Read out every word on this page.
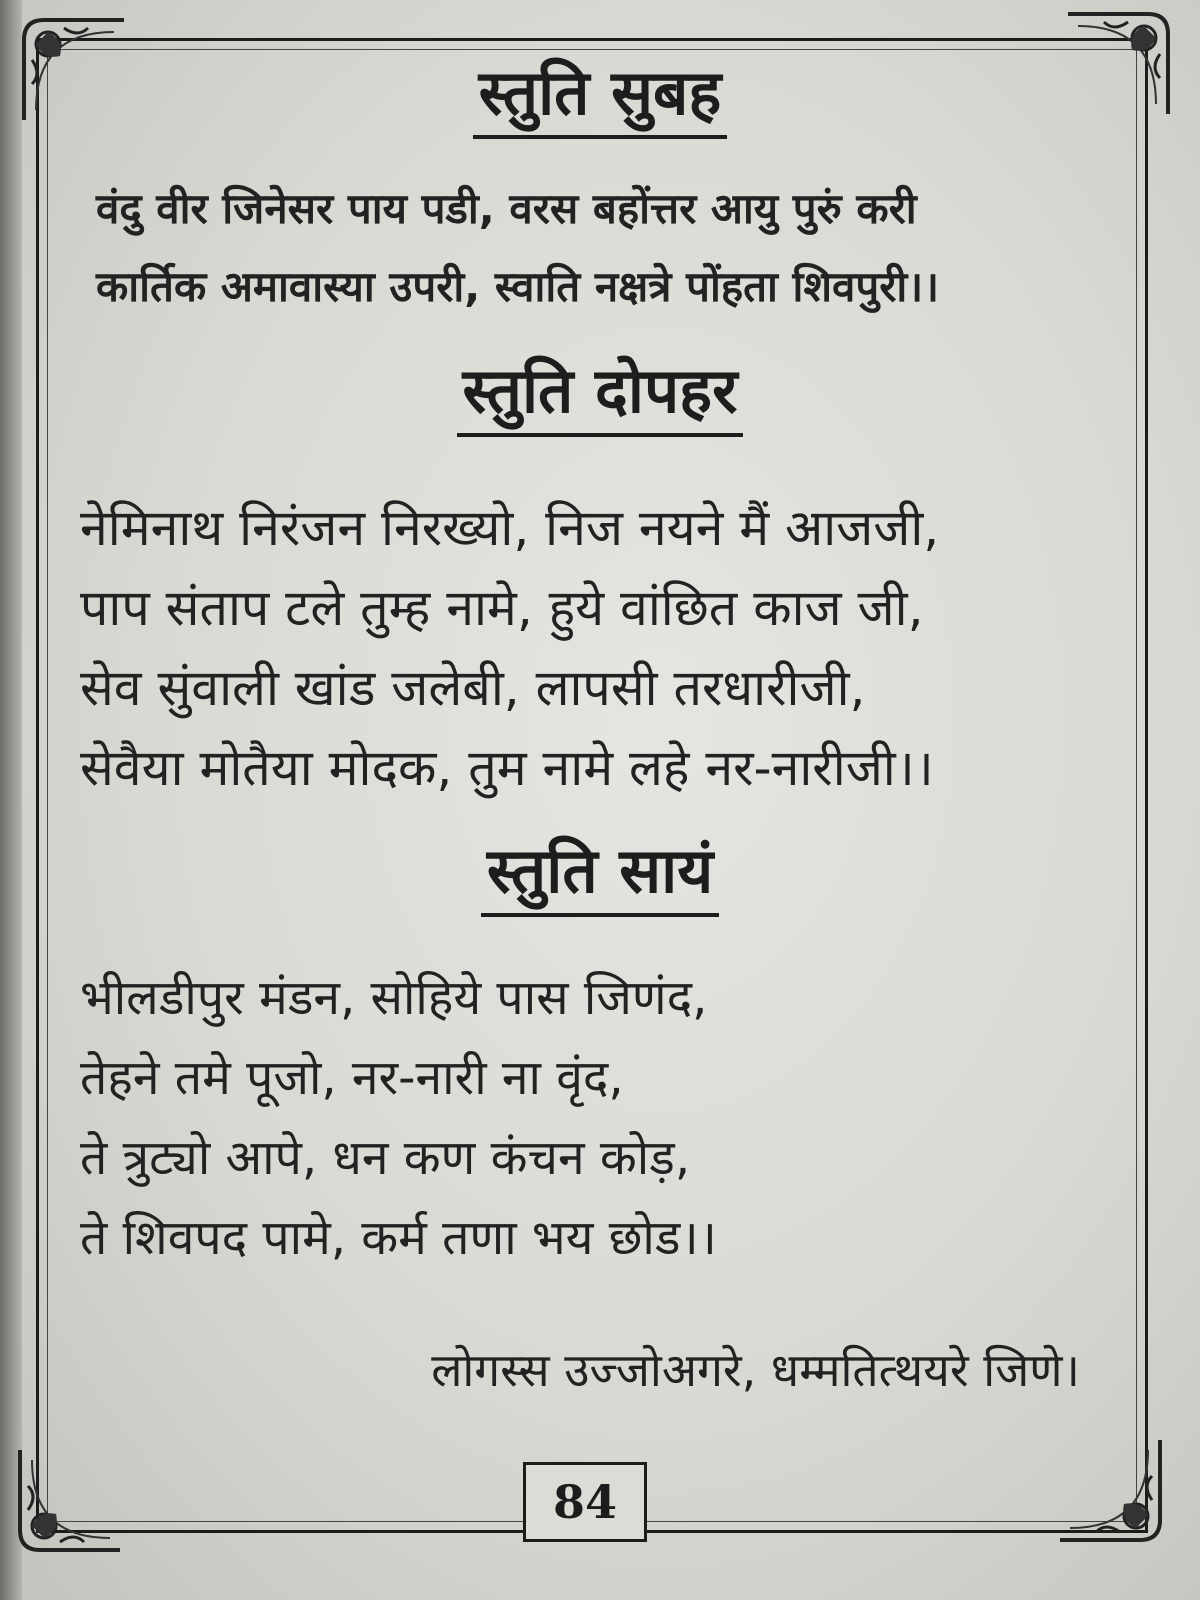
स्तुति सुबह
वंदु वीर जिनेसर पाय पडी, वरस बहोंत्तर आयु पुरुं करी
कार्तिक अमावास्या उपरी, स्वाति नक्षत्रे पोंहता शिवपुरी।।
स्तुति दोपहर
नेमिनाथ निरंजन निरख्यो, निज नयने मैं आजजी,
पाप संताप टले तुम्ह नामे, हुये वांछित काज जी,
सेव सुंवाली खांड जलेबी, लापसी तरधारीजी,
सेवैया मोतैया मोदक, तुम नामे लहे नर-नारीजी।।
स्तुति सायं
भीलडीपुर मंडन, सोहिये पास जिणंद,
तेहने तमे पूजो, नर-नारी ना वृंद,
ते त्रुट्यो आपे, धन कण कंचन कोड़,
ते शिवपद पामे, कर्म तणा भय छोड।।
लोगस्स उज्जोअगरे, धम्मतित्थयरे जिणे।
84
